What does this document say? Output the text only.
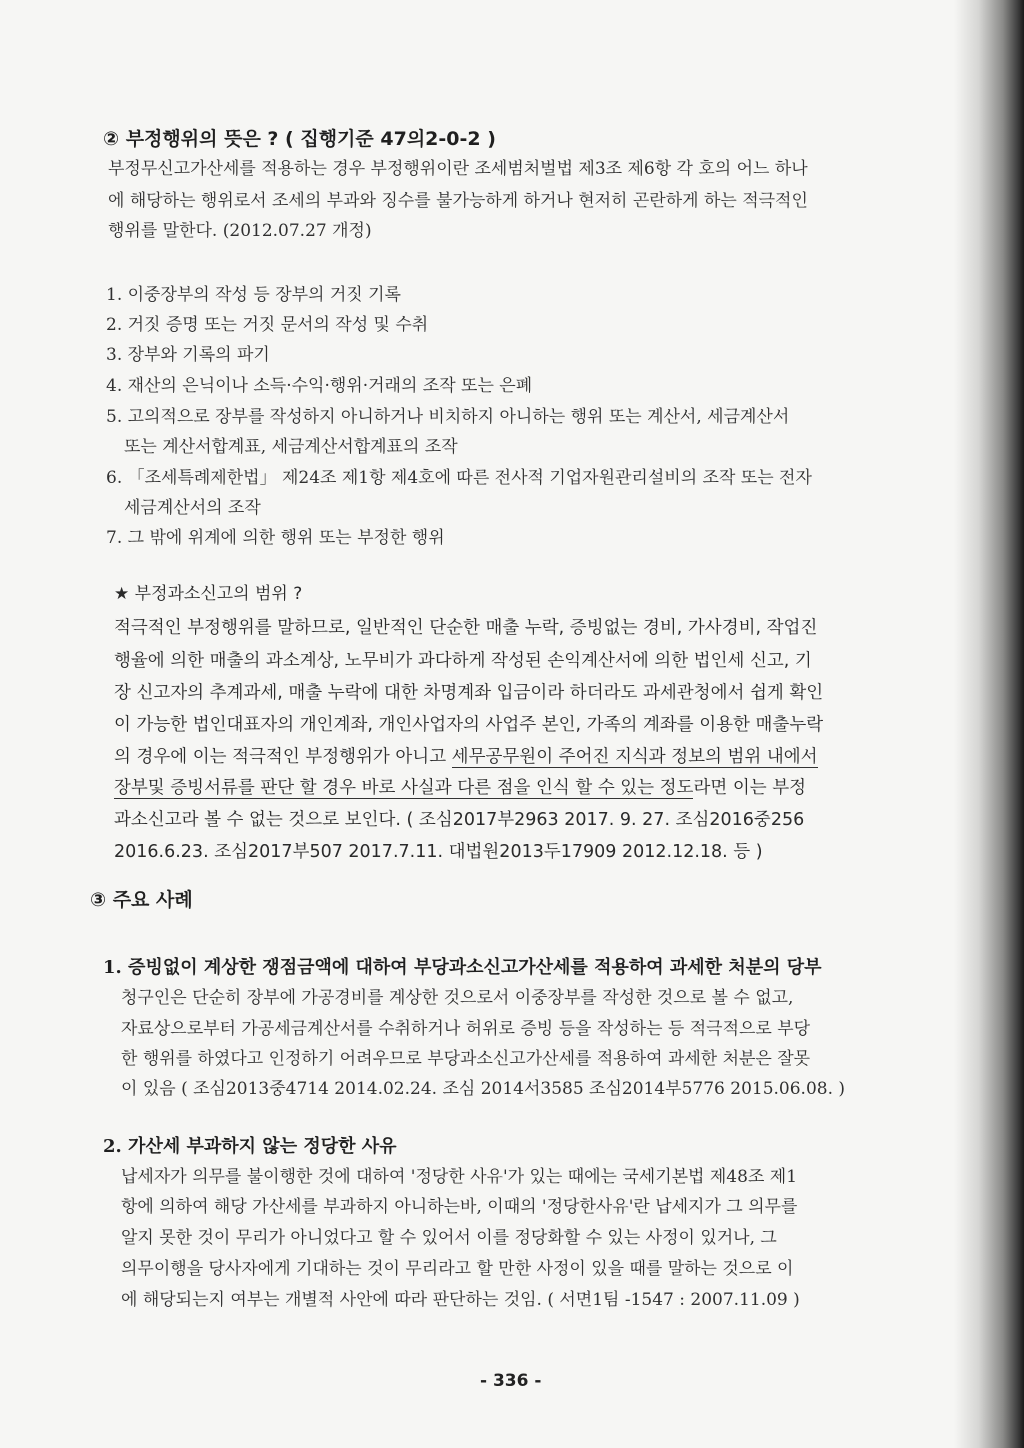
② 부정행위의 뜻은 ? ( 집행기준 47의2-0-2 )
부정무신고가산세를 적용하는 경우 부정행위이란 조세범처벌법 제3조 제6항 각 호의 어느 하나
에 해당하는 행위로서 조세의 부과와 징수를 불가능하게 하거나 현저히 곤란하게 하는 적극적인
행위를 말한다. (2012.07.27 개정)
1. 이중장부의 작성 등 장부의 거짓 기록
2. 거짓 증명 또는 거짓 문서의 작성 및 수취
3. 장부와 기록의 파기
4. 재산의 은닉이나 소득·수익·행위·거래의 조작 또는 은폐
5. 고의적으로 장부를 작성하지 아니하거나 비치하지 아니하는 행위 또는 계산서, 세금계산서
또는 계산서합계표, 세금계산서합계표의 조작
6. 「조세특례제한법」 제24조 제1항 제4호에 따른 전사적 기업자원관리설비의 조작 또는 전자
세금계산서의 조작
7. 그 밖에 위계에 의한 행위 또는 부정한 행위
★ 부정과소신고의 범위 ?
적극적인 부정행위를 말하므로, 일반적인 단순한 매출 누락, 증빙없는 경비, 가사경비, 작업진
행율에 의한 매출의 과소계상, 노무비가 과다하게 작성된 손익계산서에 의한 법인세 신고, 기
장 신고자의 추계과세, 매출 누락에 대한 차명계좌 입금이라 하더라도 과세관청에서 쉽게 확인
이 가능한 법인대표자의 개인계좌, 개인사업자의 사업주 본인, 가족의 계좌를 이용한 매출누락
의 경우에 이는 적극적인 부정행위가 아니고 세무공무원이 주어진 지식과 정보의 범위 내에서
장부및 증빙서류를 판단 할 경우 바로 사실과 다른 점을 인식 할 수 있는 정도라면 이는 부정
과소신고라 볼 수 없는 것으로 보인다. ( 조심2017부2963 2017. 9. 27. 조심2016중256
2016.6.23. 조심2017부507 2017.7.11. 대법원2013두17909 2012.12.18. 등 )
③ 주요 사례
1. 증빙없이 계상한 쟁점금액에 대하여 부당과소신고가산세를 적용하여 과세한 처분의 당부
청구인은 단순히 장부에 가공경비를 계상한 것으로서 이중장부를 작성한 것으로 볼 수 없고,
자료상으로부터 가공세금계산서를 수취하거나 허위로 증빙 등을 작성하는 등 적극적으로 부당
한 행위를 하였다고 인정하기 어려우므로 부당과소신고가산세를 적용하여 과세한 처분은 잘못
이 있음 ( 조심2013중4714 2014.02.24. 조심 2014서3585 조심2014부5776 2015.06.08. )
2. 가산세 부과하지 않는 정당한 사유
납세자가 의무를 불이행한 것에 대하여 '정당한 사유'가 있는 때에는 국세기본법 제48조 제1
항에 의하여 해당 가산세를 부과하지 아니하는바, 이때의 '정당한사유'란 납세지가 그 의무를
알지 못한 것이 무리가 아니었다고 할 수 있어서 이를 정당화할 수 있는 사정이 있거나, 그
의무이행을 당사자에게 기대하는 것이 무리라고 할 만한 사정이 있을 때를 말하는 것으로 이
에 해당되는지 여부는 개별적 사안에 따라 판단하는 것임. ( 서면1팀 -1547 : 2007.11.09 )
- 336 -
